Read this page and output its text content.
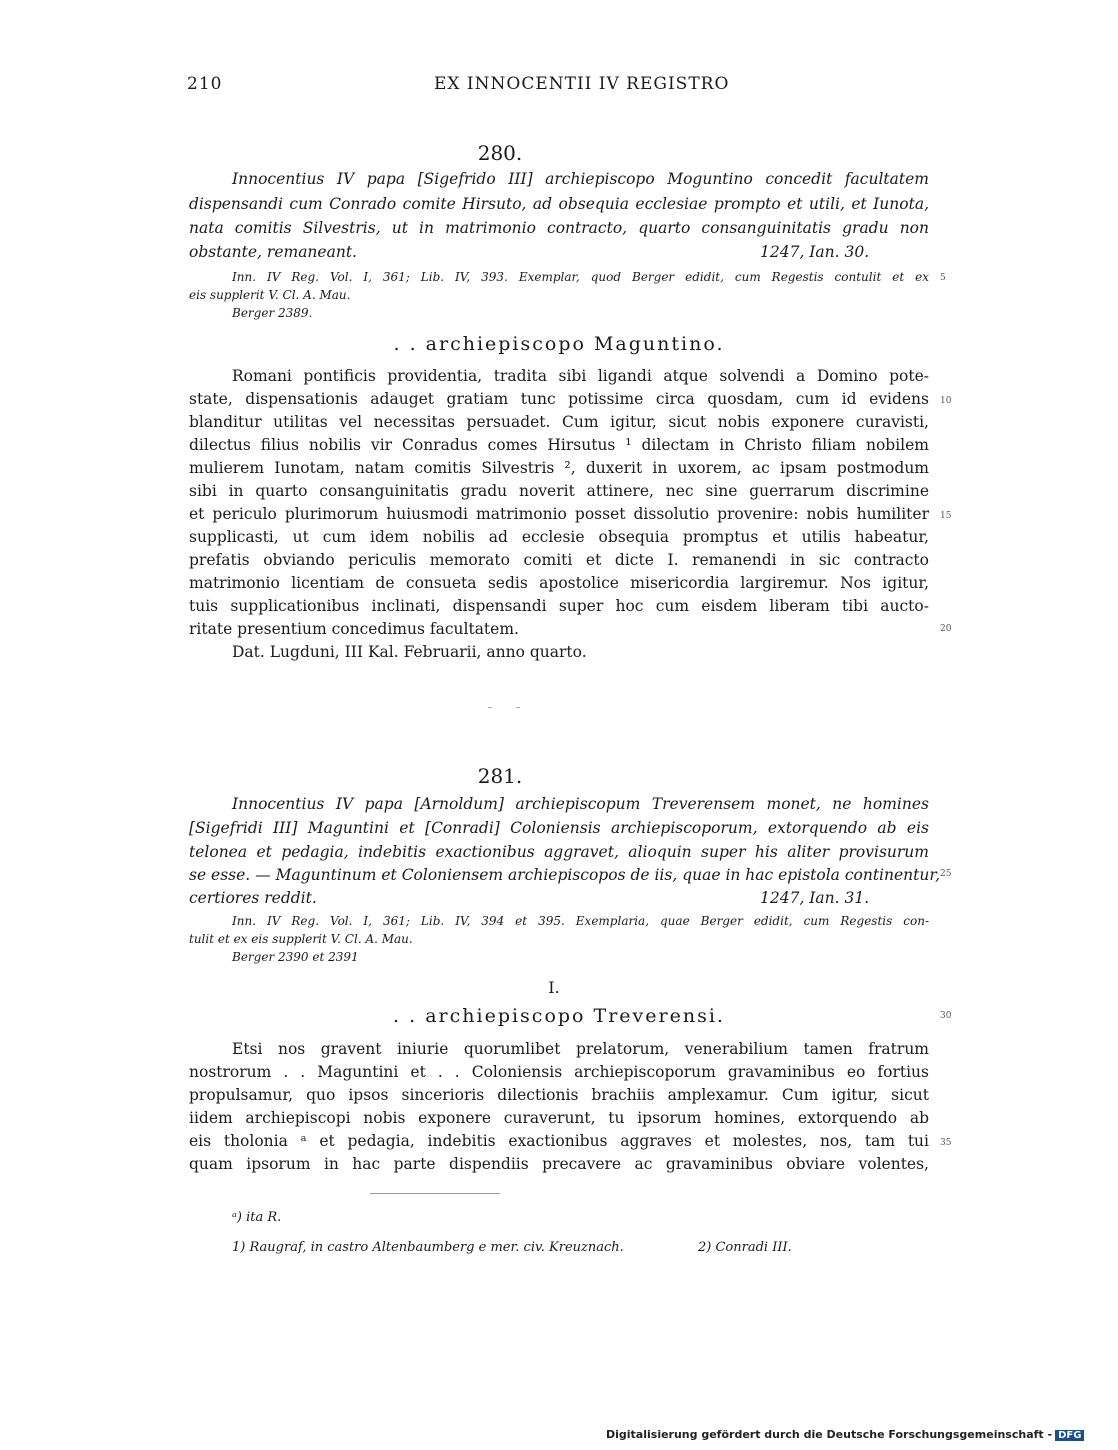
210	EX INNOCENTII IV REGISTRO
280.
Innocentius IV papa [Sigefrido III] archiepiscopo Moguntino concedit facultatem
dispensandi cum Conrado comite Hirsuto, ad obsequia ecclesiae prompto et utili, et Iunota,
nata comitis Silvestris, ut in matrimonio contracto, quarto consanguinitatis gradu non
obstante, remaneant.	1247, Ian. 30.
Inn. IV Reg. Vol. I, 361; Lib. IV, 393. Exemplar, quod Berger edidit, cum Regestis contulit et ex
eis supplerit V. Cl. A. Mau.
Berger 2389.
. . archiepiscopo Maguntino.
Romani pontificis providentia, tradita sibi ligandi atque solvendi a Domino pote-
state, dispensationis adauget gratiam tunc potissime circa quosdam, cum id evidens
blanditur utilitas vel necessitas persuadet. Cum igitur, sicut nobis exponere curavisti,
dilectus filius nobilis vir Conradus comes Hirsutus ¹ dilectam in Christo filiam nobilem
mulierem Iunotam, natam comitis Silvestris ², duxerit in uxorem, ac ipsam postmodum
sibi in quarto consanguinitatis gradu noverit attinere, nec sine guerrarum discrimine
et periculo plurimorum huiusmodi matrimonio posset dissolutio provenire: nobis humiliter
supplicasti, ut cum idem nobilis ad ecclesie obsequia promptus et utilis habeatur,
prefatis obviando periculis memorato comiti et dicte I. remanendi in sic contracto
matrimonio licentiam de consueta sedis apostolice misericordia largiremur. Nos igitur,
tuis supplicationibus inclinati, dispensandi super hoc cum eisdem liberam tibi aucto-
ritate presentium concedimus facultatem.
Dat. Lugduni, III Kal. Februarii, anno quarto.
281.
Innocentius IV papa [Arnoldum] archiepiscopum Treverensem monet, ne homines
[Sigefridi III] Maguntini et [Conradi] Coloniensis archiepiscoporum, extorquendo ab eis
telonea et pedagia, indebitis exactionibus aggravet, alioquin super his aliter provisurum
se esse. — Maguntinum et Coloniensem archiepiscopos de iis, quae in hac epistola continentur,
certiores reddit.	1247, Ian. 31.
Inn. IV Reg. Vol. I, 361; Lib. IV, 394 et 395. Exemplaria, quae Berger edidit, cum Regestis con-
tulit et ex eis supplerit V. Cl. A. Mau.
Berger 2390 et 2391
I.
. . archiepiscopo Treverensi.
Etsi nos gravent iniurie quorumlibet prelatorum, venerabilium tamen fratrum
nostrorum . . Maguntini et . . Coloniensis archiepiscoporum gravaminibus eo fortius
propulsamur, quo ipsos sincerioris dilectionis brachiis amplexamur. Cum igitur, sicut
iidem archiepiscopi nobis exponere curaverunt, tu ipsorum homines, extorquendo ab
eis tholonia ᵃ et pedagia, indebitis exactionibus aggraves et molestes, nos, tam tui
quam ipsorum in hac parte dispendiis precavere ac gravaminibus obviare volentes,
ᵃ) ita R.
1) Raugraf, in castro Altenbaumberg e mer. civ. Kreuznach.	2) Conradi III.
5
10
15
20
25
30
35
Digitalisierung gefördert durch die Deutsche Forschungsgemeinschaft - DFG
